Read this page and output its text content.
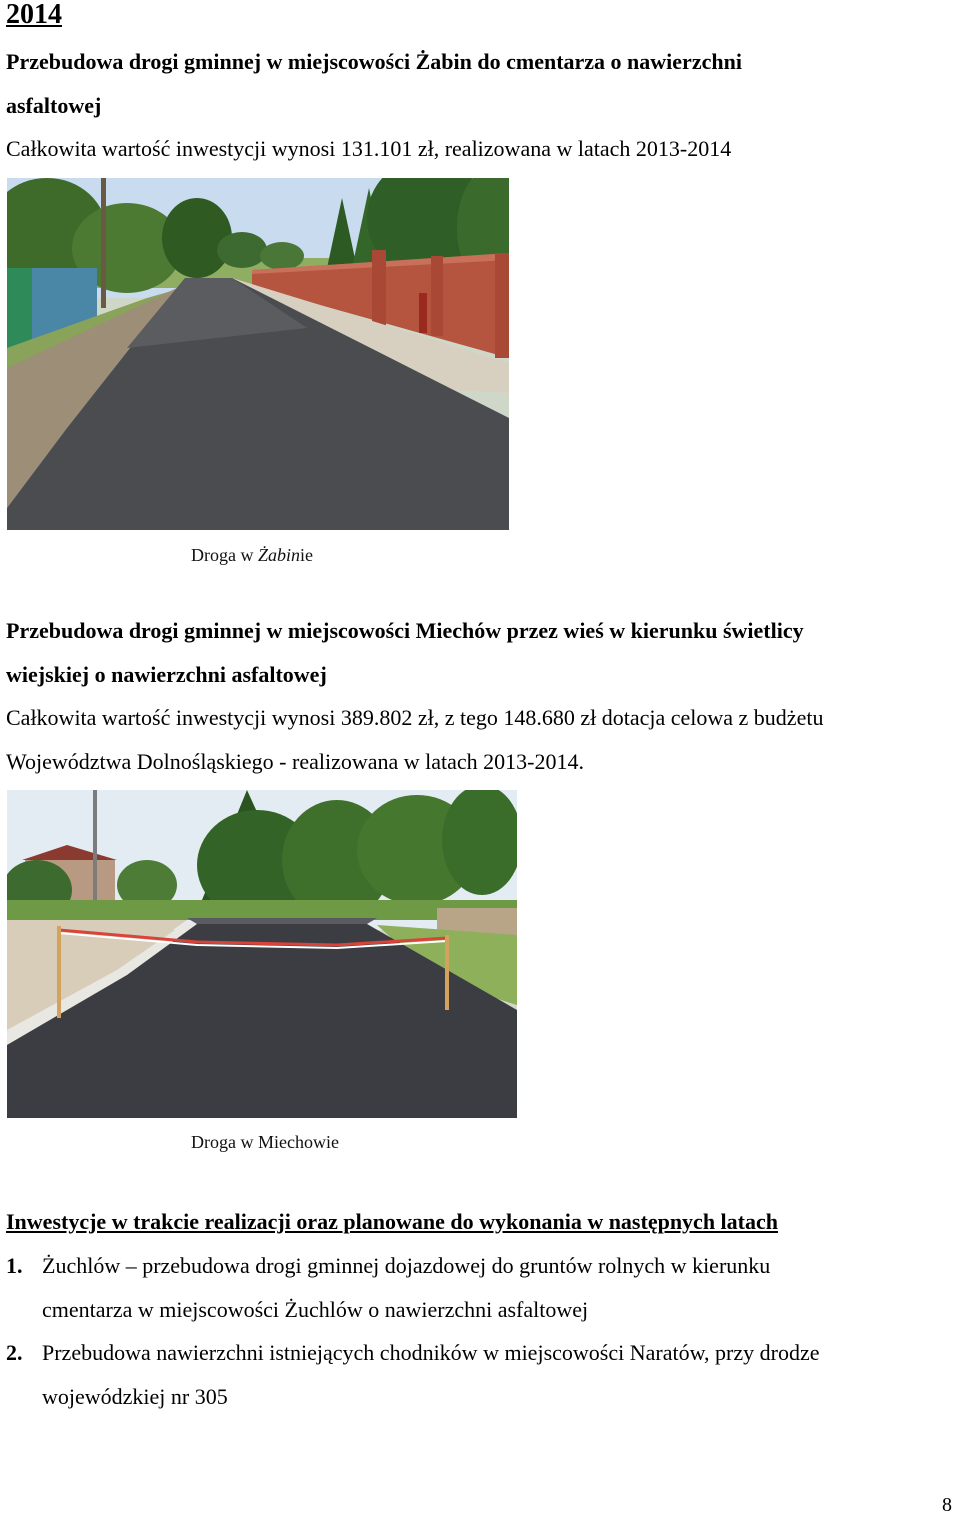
2014
Przebudowa drogi gminnej w miejscowości Żabin do cmentarza o nawierzchni
asfaltowej
Całkowita wartość inwestycji wynosi 131.101 zł, realizowana w latach 2013-2014
Droga w Żabinie
Przebudowa drogi gminnej w miejscowości Miechów przez wieś w kierunku świetlicy
wiejskiej o nawierzchni asfaltowej
Całkowita wartość inwestycji wynosi 389.802 zł, z tego 148.680 zł dotacja celowa z budżetu
Województwa Dolnośląskiego - realizowana w latach 2013-2014.
Droga w Miechowie
Inwestycje w trakcie realizacji oraz planowane do wykonania w następnych latach
1. Żuchlów – przebudowa drogi gminnej dojazdowej do gruntów rolnych w kierunku
cmentarza w miejscowości Żuchlów o nawierzchni asfaltowej
2. Przebudowa nawierzchni istniejących chodników w miejscowości Naratów, przy drodze
wojewódzkiej nr 305
8
